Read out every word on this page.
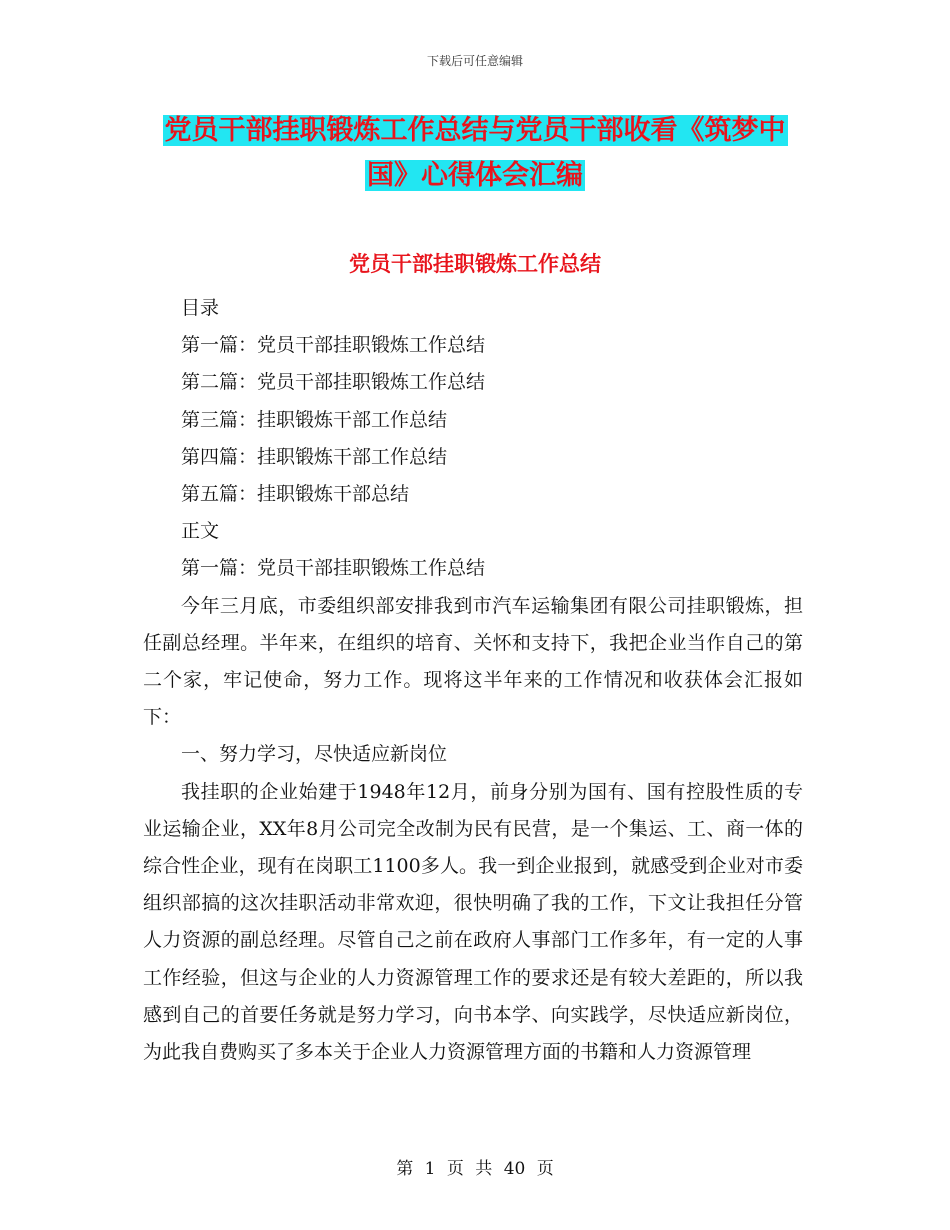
下载后可任意编辑
党员干部挂职锻炼工作总结与党员干部收看《筑梦中
国》心得体会汇编
党员干部挂职锻炼工作总结

目录

第一篇：党员干部挂职锻炼工作总结

第二篇：党员干部挂职锻炼工作总结

第三篇：挂职锻炼干部工作总结

第四篇：挂职锻炼干部工作总结

第五篇：挂职锻炼干部总结

正文

第一篇：党员干部挂职锻炼工作总结

今年三月底，市委组织部安排我到市汽车运输集团有限公司挂职锻炼，担任副总经理。半年来，在组织的培育、关怀和支持下，我把企业当作自己的第二个家，牢记使命，努力工作。现将这半年来的工作情况和收获体会汇报如下：

一、努力学习，尽快适应新岗位

我挂职的企业始建于1948年12月，前身分别为国有、国有控股性质的专业运输企业，XX年8月公司完全改制为民有民营，是一个集运、工、商一体的综合性企业，现有在岗职工1100多人。我一到企业报到，就感受到企业对市委组织部搞的这次挂职活动非常欢迎，很快明确了我的工作，下文让我担任分管人力资源的副总经理。尽管自己之前在政府人事部门工作多年，有一定的人事工作经验，但这与企业的人力资源管理工作的要求还是有较大差距的，所以我感到自己的首要任务就是努力学习，向书本学、向实践学，尽快适应新岗位，为此我自费购买了多本关于企业人力资源管理方面的书籍和人力资源管理

第 1 页 共 40 页
